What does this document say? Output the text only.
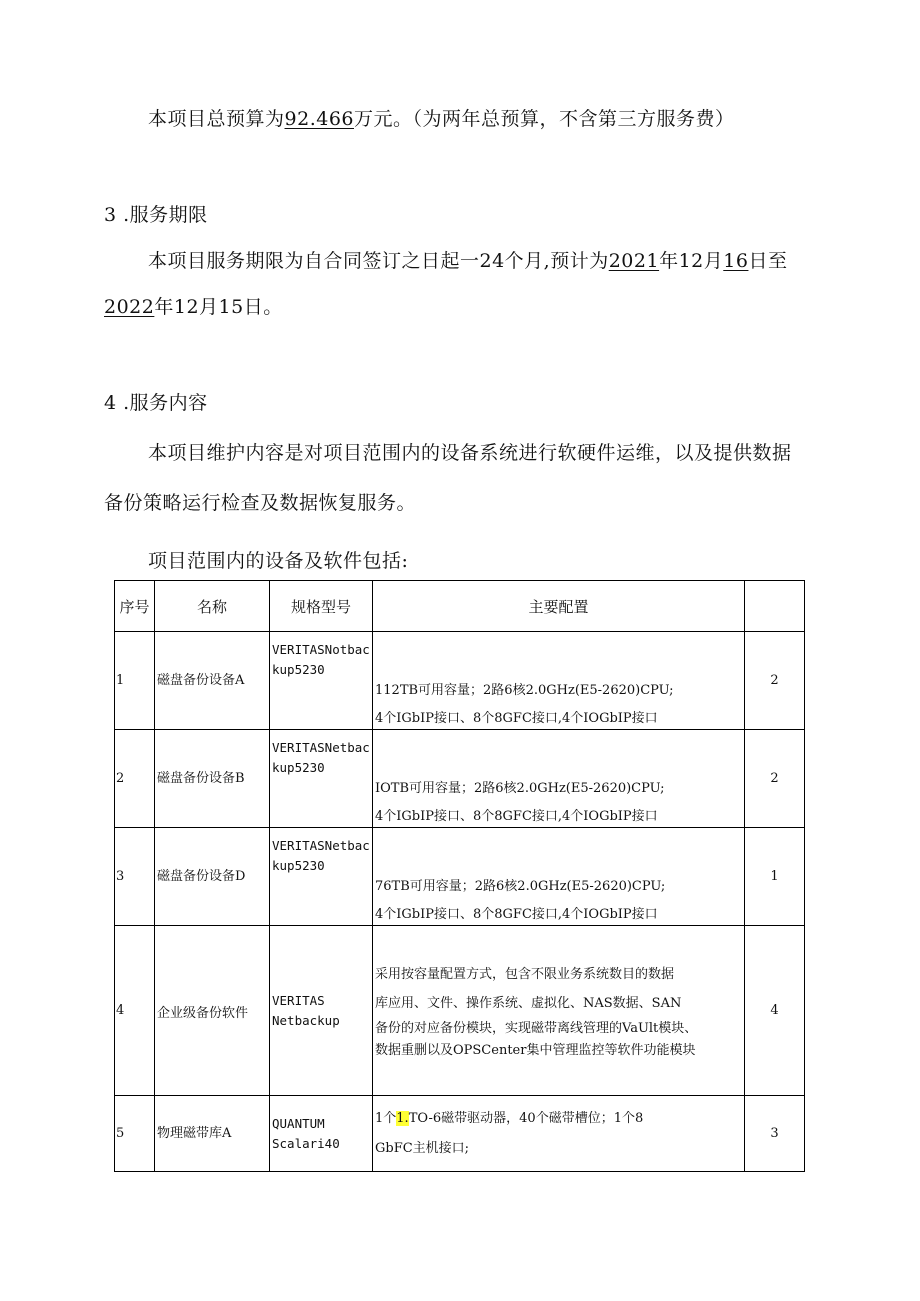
本项目总预算为92.466万元。（为两年总预算，不含第三方服务费）
3 .服务期限
本项目服务期限为自合同签订之日起一24个月,预计为2021年12月16日至
2022年12月15日。
4 .服务内容
本项目维护内容是对项目范围内的设备系统进行软硬件运维，以及提供数据
备份策略运行检查及数据恢复服务。
项目范围内的设备及软件包括:
序号	名称	规格型号	主要配置	
1	磁盘备份设备A	VERITASNotbackup5230	112TB可用容量；2路6核2.0GHz(E5-2620)CPU;
4个IGbIP接口、8个8GFC接口,4个IOGbIP接口	2
2	磁盘备份设备B	VERITASNetbackup5230	IOTB可用容量；2路6核2.0GHz(E5-2620)CPU;
4个IGbIP接口、8个8GFC接口,4个IOGbIP接口	2
3	磁盘备份设备D	VERITASNetbackup5230	76TB可用容量；2路6核2.0GHz(E5-2620)CPU;
4个IGbIP接口、8个8GFC接口,4个IOGbIP接口	1
4	企业级备份软件	VERITAS Netbackup	采用按容量配置方式，包含不限业务系统数目的数据
库应用、文件、操作系统、虚拟化、NAS数据、SAN
备份的对应备份模块，实现磁带离线管理的VaUlt模块、
数据重删以及OPSCenter集中管理监控等软件功能模块	4
5	物理磁带库A	QUANTUM Scalari40	1个1.TO-6磁带驱动器，40个磁带槽位；1个8
GbFC主机接口;	3
